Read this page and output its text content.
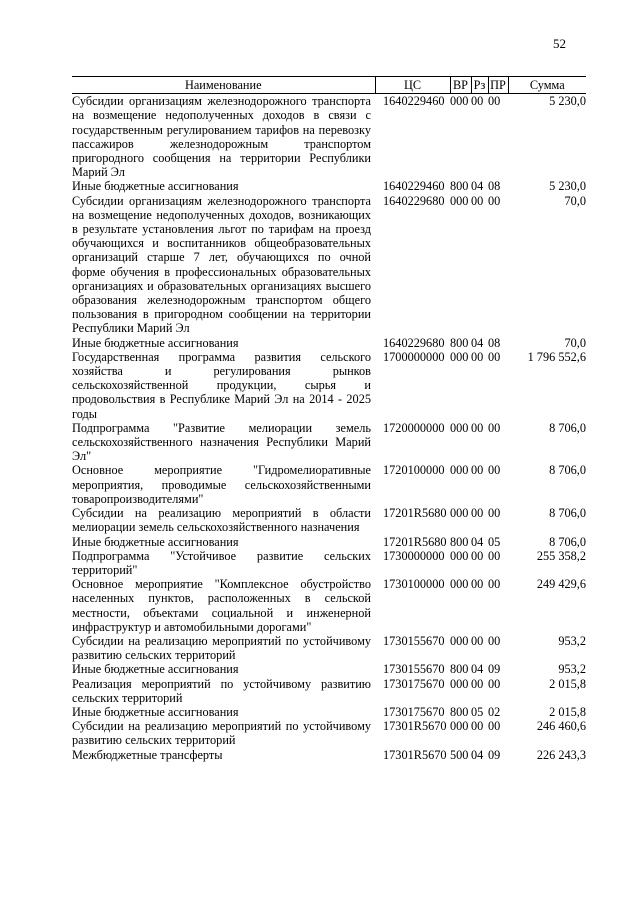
52
Наименование	ЦС	ВР	Рз	ПР	Сумма
Субсидии организациям железнодорожного транспорта на возмещение недополученных доходов в связи с государственным регулированием тарифов на перевозку пассажиров железнодорожным транспортом пригородного сообщения на территории Республики Марий Эл	1640229460	000	00	00	5 230,0
Иные бюджетные ассигнования	1640229460	800	04	08	5 230,0
Субсидии организациям железнодорожного транспорта на возмещение недополученных доходов, возникающих в результате установления льгот по тарифам на проезд обучающихся и воспитанников общеобразовательных организаций старше 7 лет, обучающихся по очной форме обучения в профессиональных образовательных организациях и образовательных организациях высшего образования железнодорожным транспортом общего пользования в пригородном сообщении на территории Республики Марий Эл	1640229680	000	00	00	70,0
Иные бюджетные ассигнования	1640229680	800	04	08	70,0
Государственная программа развития сельского хозяйства и регулирования рынков сельскохозяйственной продукции, сырья и продовольствия в Республике Марий Эл на 2014 - 2025 годы	1700000000	000	00	00	1 796 552,6
Подпрограмма "Развитие мелиорации земель сельскохозяйственного назначения Республики Марий Эл"	1720000000	000	00	00	8 706,0
Основное мероприятие "Гидромелиоративные мероприятия, проводимые сельскохозяйственными товаропроизводителями"	1720100000	000	00	00	8 706,0
Субсидии на реализацию мероприятий в области мелиорации земель сельскохозяйственного назначения	17201R5680	000	00	00	8 706,0
Иные бюджетные ассигнования	17201R5680	800	04	05	8 706,0
Подпрограмма "Устойчивое развитие сельских территорий"	1730000000	000	00	00	255 358,2
Основное мероприятие "Комплексное обустройство населенных пунктов, расположенных в сельской местности, объектами социальной и инженерной инфраструктур и автомобильными дорогами"	1730100000	000	00	00	249 429,6
Субсидии на реализацию мероприятий по устойчивому развитию сельских территорий	1730155670	000	00	00	953,2
Иные бюджетные ассигнования	1730155670	800	04	09	953,2
Реализация мероприятий по устойчивому развитию сельских территорий	1730175670	000	00	00	2 015,8
Иные бюджетные ассигнования	1730175670	800	05	02	2 015,8
Субсидии на реализацию мероприятий по устойчивому развитию сельских территорий	17301R5670	000	00	00	246 460,6
Межбюджетные трансферты	17301R5670	500	04	09	226 243,3
